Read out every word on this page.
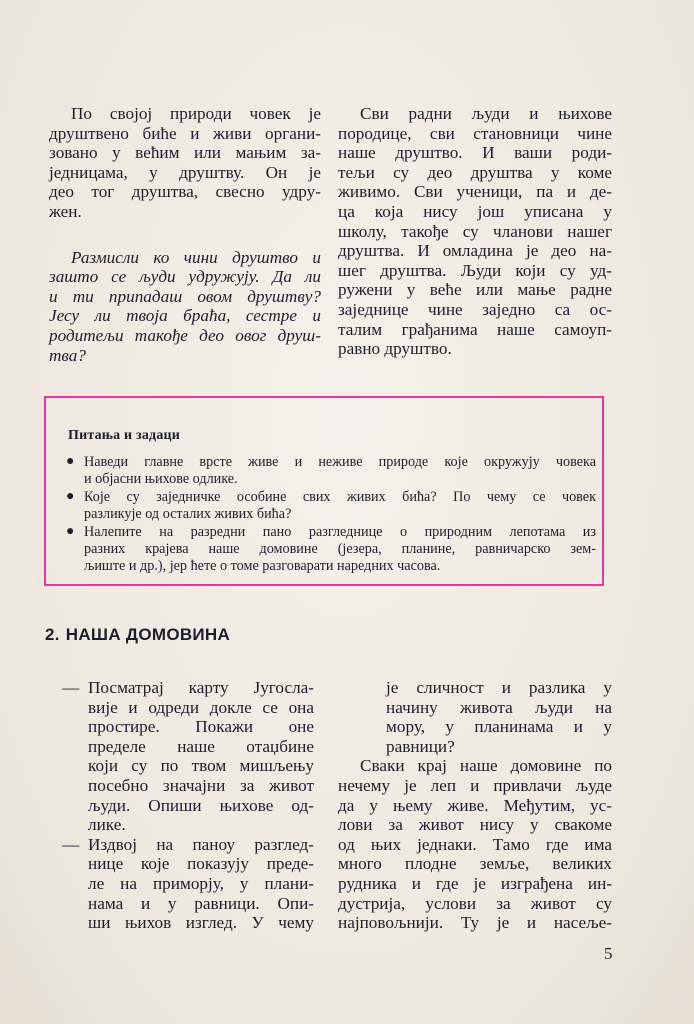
По својој природи човек је
друштвено биће и живи органи-
зовано у већим или мањим за-
једницама, у друштву. Он је
део тог друштва, свесно удру-
жен.

Размисли ко чини друштво и
зашто се људи удружују. Да ли
и ти припадаш овом друштву?
Јесу ли твоја браћа, сестре и
родитељи такође део овог друш-
тва?

Сви радни људи и њихове
породице, сви становници чине
наше друштво. И ваши роди-
тељи су део друштва у коме
живимо. Сви ученици, па и де-
ца која нису још уписана у
школу, такође су чланови нашег
друштва. И омладина је део на-
шег друштва. Људи који су уд-
ружени у веће или мање радне
заједнице чине заједно са ос-
талим грађанима наше самоуп-
равно друштво.

Питања и задаци
● Наведи главне врсте живе и неживе природе које окружују човека
и објасни њихове одлике.
● Које су заједничке особине свих живих бића? По чему се човек
разликује од осталих живих бића?
● Налепите на разредни пано разгледнице о природним лепотама из
разних крајева наше домовине (језера, планине, равничарско зем-
љиште и др.), јер ћете о томе разговарати наредних часова.
2. НАША ДОМОВИНА
— Посматрај карту Југосла-
вије и одреди докле се она
простире. Покажи оне
пределе наше отаџбине
који су по твом мишљењу
посебно значајни за живот
људи. Опиши њихове од-
лике.
— Издвој на паноу разглед-
нице које показују преде-
ле на приморју, у плани-
нама и у равници. Опи-
ши њихов изглед. У чему
је сличност и разлика у
начину живота људи на
мору, у планинама и у
равници?

Сваки крај наше домовине по
нечему је леп и привлачи људе
да у њему живе. Међутим, ус-
лови за живот нису у свакоме
од њих једнаки. Тамо где има
много плодне земље, великих
рудника и где је изграђена ин-
дустрија, услови за живот су
најповољнији. Ту је и насеље-

5
